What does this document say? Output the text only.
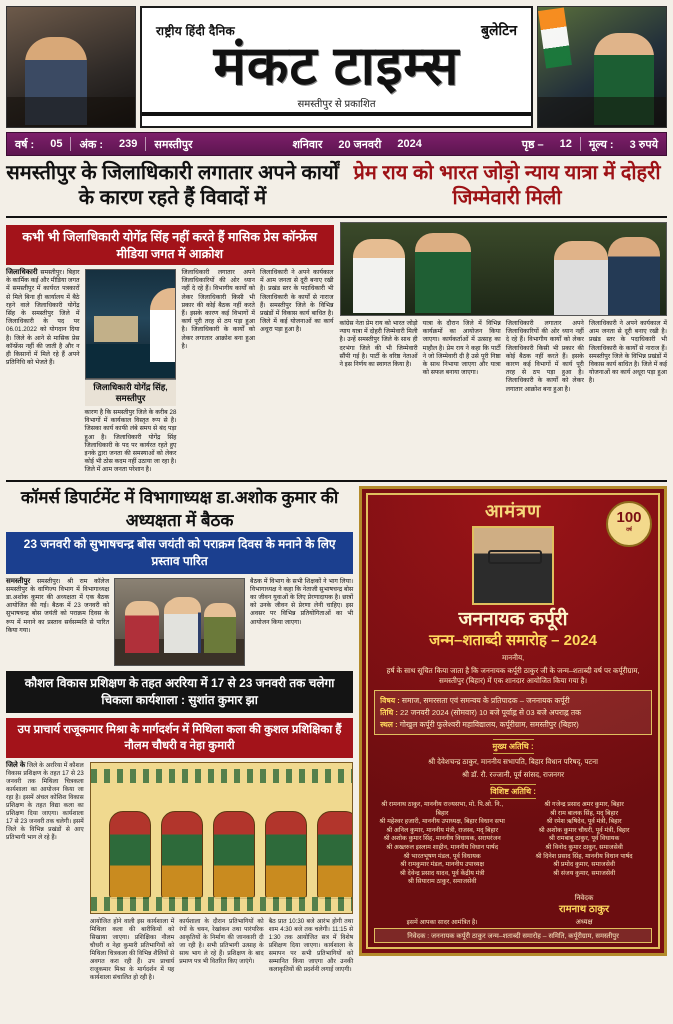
राष्ट्रीय हिंदी दैनिक	बुलेटिन
मंकट टाइम्स
समस्तीपुर से प्रकाशित
वर्ष :	05	अंक :	239	समस्तीपुर	शनिवार	20 जनवरी	2024	पृष्ठ –	12	मूल्य :	3 रुपये
समस्तीपुर के जिलाधिकारी लगातार अपने कार्यों के कारण रहते हैं विवादों में
प्रेम राय को भारत जोड़ो न्याय यात्रा में दोहरी जिम्मेवारी मिली
कभी भी जिलाधिकारी योगेंद्र सिंह नहीं करते हैं मासिक प्रेस कॉन्फ्रेंस मीडिया जगत में आक्रोश
जिलाधिकारी समस्तीपुर। बिहार के कार्मिक कई और मीडिया जगत में समस्तीपुर में कार्यरत पत्रकारों से मिले बिना ही कार्यालय में बैठे रहने वाले जिलाधिकारी योगेंद्र सिंह के समस्तीपुर जिले में जिलाधिकारी के पद पर 06.01.2022 को योगदान दिया है। जिले के आने से मासिक प्रेस कॉन्फ्रेंस नहीं की जाती है और न ही किसानों में मिले रहे हैं अपने प्रतिनिधि को भेजते हैं।
जिलाधिकारी योगेंद्र सिंह, समस्तीपुर
कारण है कि समस्तीपुर जिले के करीब 28 विभागों में कार्यकाल विस्तृत रूप से है। जिसका कार्य काफी लंबे समय से बंद पड़ा हुआ है। जिलाधिकारी योगेंद्र सिंह जिलाधिकारी के पद पर कार्यरत रहते हुए इनके द्वारा जनता की समस्याओं को लेकर कोई भी ठोस कदम नहीं उठाया जा रहा है। जिले में आम जनता परेशान है।
जिलाधिकारी लगातार अपने जिलाधिकारियों की ओर ध्यान नहीं दे रहे हैं। विभागीय कार्यों को लेकर जिलाधिकारी किसी भी प्रकार की कोई बैठक नहीं करते हैं। इसके कारण कई विभागों में कार्य पूरी तरह से ठप पड़ा हुआ है। जिलाधिकारी के कार्यों को लेकर लगातार आक्रोश बना हुआ है।
जिलाधिकारी ने अपने कार्यकाल में आम जनता से दूरी बनाए रखी है। प्रखंड स्तर के पदाधिकारी भी जिलाधिकारी के कार्यों से नाराज हैं। समस्तीपुर जिले के विभिन्न प्रखंडों में विकास कार्य बाधित है। जिले में कई योजनाओं का कार्य अधूरा पड़ा हुआ है।
कांग्रेस नेता प्रेम राय को भारत जोड़ो न्याय यात्रा में दोहरी जिम्मेवारी मिली है। उन्हें समस्तीपुर जिले के साथ ही दरभंगा जिले की भी जिम्मेवारी सौंपी गई है। पार्टी के वरिष्ठ नेताओं ने इस निर्णय का स्वागत किया है।
यात्रा के दौरान जिले में विभिन्न कार्यक्रमों का आयोजन किया जाएगा। कार्यकर्ताओं में उत्साह का माहौल है। प्रेम राय ने कहा कि पार्टी ने जो जिम्मेवारी दी है उसे पूरी निष्ठा के साथ निभाया जाएगा और यात्रा को सफल बनाया जाएगा।
जिलाधिकारी लगातार अपने जिलाधिकारियों की ओर ध्यान नहीं दे रहे हैं। विभागीय कार्यों को लेकर जिलाधिकारी किसी भी प्रकार की कोई बैठक नहीं करते हैं। इसके कारण कई विभागों में कार्य पूरी तरह से ठप पड़ा हुआ है। जिलाधिकारी के कार्यों को लेकर लगातार आक्रोश बना हुआ है।
जिलाधिकारी ने अपने कार्यकाल में आम जनता से दूरी बनाए रखी है। प्रखंड स्तर के पदाधिकारी भी जिलाधिकारी के कार्यों से नाराज हैं। समस्तीपुर जिले के विभिन्न प्रखंडों में विकास कार्य बाधित है। जिले में कई योजनाओं का कार्य अधूरा पड़ा हुआ है।
कॉमर्स डिपार्टमेंट में विभागाध्यक्ष डा.अशोक कुमार की अध्यक्षता में बैठक
23 जनवरी को सुभाषचन्द्र बोस जयंती को पराक्रम दिवस के मनाने के लिए प्रस्ताव पारित
समस्तीपुर समस्तीपुर। श्री राम कॉलेज समस्तीपुर के वाणिज्य विभाग में विभागाध्यक्ष डा.अशोक कुमार की अध्यक्षता में एक बैठक आयोजित की गई। बैठक में 23 जनवरी को सुभाषचन्द्र बोस जयंती को पराक्रम दिवस के रूप में मनाने का प्रस्ताव सर्वसम्मति से पारित किया गया।
बैठक में विभाग के सभी शिक्षकों ने भाग लिया। विभागाध्यक्ष ने कहा कि नेताजी सुभाषचन्द्र बोस का जीवन युवाओं के लिए प्रेरणादायक है। छात्रों को उनके जीवन से प्रेरणा लेनी चाहिए। इस अवसर पर विभिन्न प्रतियोगिताओं का भी आयोजन किया जाएगा।
कौशल विकास प्रशिक्षण के तहत अररिया में 17 से 23 जनवरी तक चलेगा चिकला कार्यशाला : सुशांत कुमार झा
उप प्राचार्य राजूकमार मिश्रा के मार्गदर्शन में मिथिला कला की कुशल प्रशिक्षिका हैं नौलम चौधरी व नेहा कुमारी
जिले के जिले के अररिया में कौशल विकास प्रशिक्षण के तहत 17 से 23 जनवरी तक मिथिला चित्रकला कार्यशाला का आयोजन किया जा रहा है। इसमें अंचल कोशिश विकास प्रशिक्षण के तहत विद्या कला का प्रशिक्षण दिया जाएगा। कार्यशाला 17 से 23 जनवरी तक चलेगी। इसमें जिले के विभिन्न प्रखंडों से आए प्रतिभागी भाग ले रहे हैं।
आयोजित होने वाली इस कार्यशाला में मिथिला कला की बारीकियों को सिखाया जाएगा। प्रशिक्षिका नौलम चौधरी व नेहा कुमारी प्रतिभागियों को मिथिला चित्रकला की विभिन्न शैलियों से अवगत करा रही हैं। उप प्राचार्य राजूकमार मिश्रा के मार्गदर्शन में यह कार्यशाला संचालित हो रही है।
कार्यशाला के दौरान प्रतिभागियों को रंगों के चयन, रेखांकन तथा पारंपरिक आकृतियों के निर्माण की जानकारी दी जा रही है। सभी प्रतिभागी उत्साह के साथ भाग ले रहे हैं। प्रशिक्षण के बाद प्रमाण पत्र भी वितरित किए जाएंगे।
बैठ प्रात 10:30 बजे आरंभ होगी तथा शाम 4:30 बजे तक चलेगी। 11:15 से 1:30 तक आयोजित सत्र में विशेष प्रशिक्षण दिया जाएगा। कार्यशाला के समापन पर सभी प्रतिभागियों को सम्मानित किया जाएगा और उनकी कलाकृतियों की प्रदर्शनी लगाई जाएगी।
100
वर्ष
आमंत्रण
जननायक कर्पूरी
जन्म–शताब्दी समारोह – 2024
माननीय,
हर्ष के साथ सूचित किया जाता है कि जननायक कर्पूरी ठाकुर जी के जन्म–शताब्दी वर्ष पर कर्पूरीग्राम, समस्तीपुर (बिहार) में एक शानदार आयोजित किया गया है।
विषय : समाज, समरसता एवं समन्वय के प्रतिपादक – जननायक कर्पूरी
तिथि : 22 जनवरी 2024 (सोमवार) 10 बजे पूर्वाह्न से 03 बजे अपराह्न तक
स्थल : गोखुल कर्पूरी फुलेश्वरी महाविद्यालय, कर्पूरीग्राम, समस्तीपुर (बिहार)
मुख्य अतिथि :
श्री देवेशचन्द्र ठाकुर, माननीय सभापति, बिहार विधान परिषद्, पटना
श्री डॉ. रौ. रज्जानी, पूर्व सांसद, राजनगर
विशिष्ट अतिथि :
श्री रामनाथ ठाकुर, माननीय राज्यसभा, मो. पि.ओ. नि., बिहार
श्री महेश्वर हजारी, माननीय उपाध्यक्ष, बिहार विधान सभा
श्री अनिल कुमार, माननीय मंत्री, राजस्व, मद् बिहार
श्री अशोक कुमार सिंह, माननीय विधायक, सरायरंजन
श्री अख्तरुल इस्लाम शाहीन, माननीय विधान पार्षद
श्री भारतभूषण मंडल, पूर्व विधायक
श्री रामकुमार मंडल, माननीय उपाध्यक्ष
श्री देवेन्द्र प्रसाद यादव, पूर्व केंद्रीय मंत्री
श्री सियाराम ठाकुर, समाजसेवी
श्री गजेन्द्र प्रसाद अमर कुमार, बिहार
श्री राम बालक सिंह, मद् बिहार
श्री रमेश ऋषिदेव, पूर्व मंत्री, बिहार
श्री अशोक कुमार चौधरी, पूर्व मंत्री, बिहार
श्री रामबाबू ठाकुर, पूर्व विधायक
श्री विनोद कुमार ठाकुर, समाजसेवी
श्री दिनेश प्रसाद सिंह, माननीय विधान पार्षद
श्री प्रमोद कुमार, समाजसेवी
श्री संजय कुमार, समाजसेवी
इसमें आपका सादर आमंत्रित है।
निवेदक
रामनाथ ठाकुर
अध्यक्ष
निवेदक : जननायक कर्पूरी ठाकुर जन्म–शताब्दी समारोह – समिति, कर्पूरीग्राम, समस्तीपुर
